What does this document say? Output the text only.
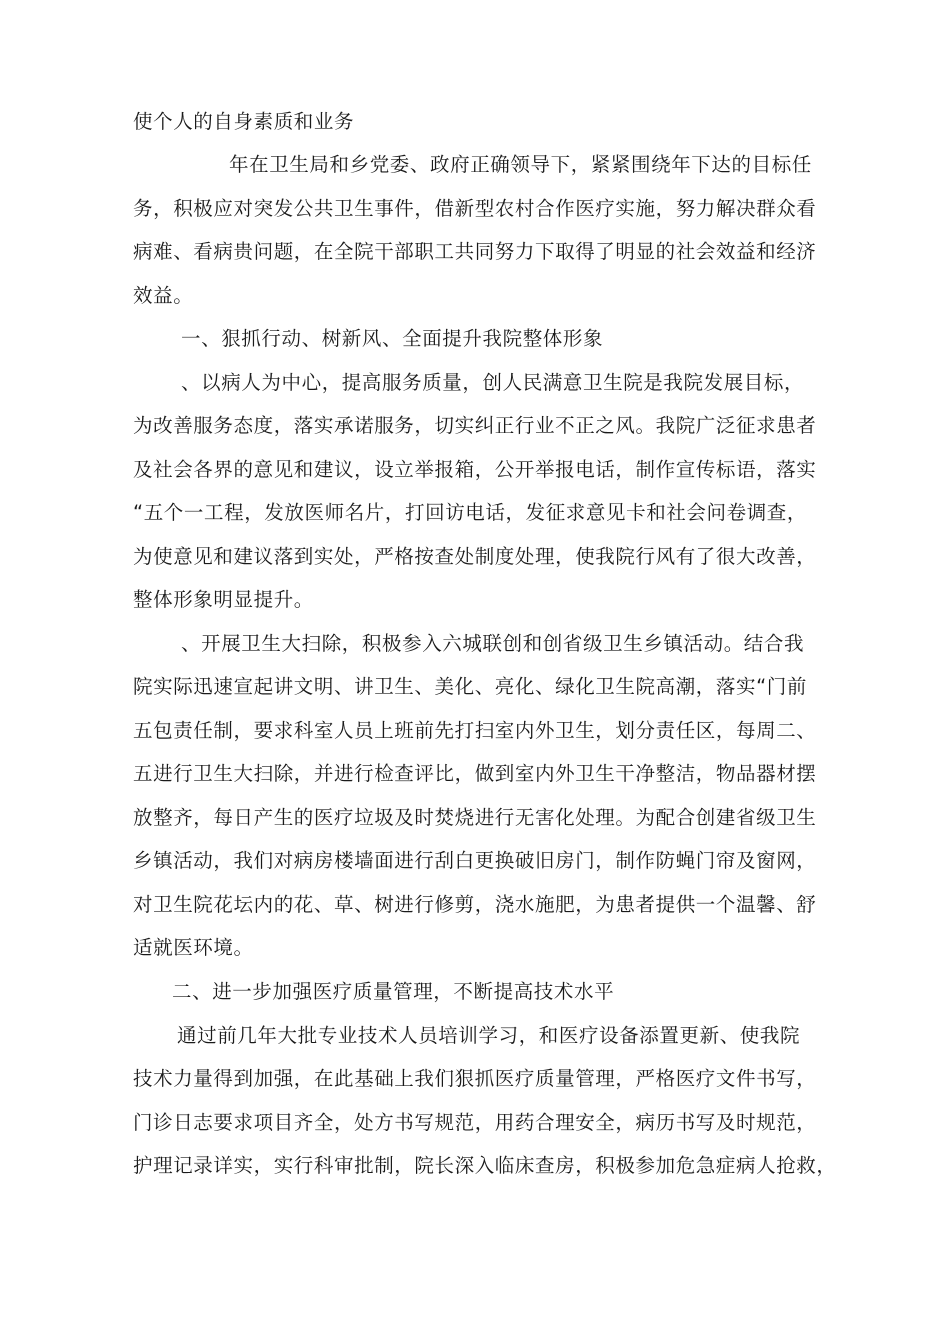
使个人的自身素质和业务
年在卫生局和乡党委、政府正确领导下，紧紧围绕年下达的目标任
务，积极应对突发公共卫生事件，借新型农村合作医疗实施，努力解决群众看
病难、看病贵问题，在全院干部职工共同努力下取得了明显的社会效益和经济
效益。
一、狠抓行动、树新风、全面提升我院整体形象
、以病人为中心，提高服务质量，创人民满意卫生院是我院发展目标，
为改善服务态度，落实承诺服务，切实纠正行业不正之风。我院广泛征求患者
及社会各界的意见和建议，设立举报箱，公开举报电话，制作宣传标语，落实
“五个一工程，发放医师名片，打回访电话，发征求意见卡和社会问卷调查，
为使意见和建议落到实处，严格按查处制度处理，使我院行风有了很大改善，
整体形象明显提升。
、开展卫生大扫除，积极参入六城联创和创省级卫生乡镇活动。结合我
院实际迅速宣起讲文明、讲卫生、美化、亮化、绿化卫生院高潮，落实“门前
五包责任制，要求科室人员上班前先打扫室内外卫生，划分责任区，每周二、
五进行卫生大扫除，并进行检查评比，做到室内外卫生干净整洁，物品器材摆
放整齐，每日产生的医疗垃圾及时焚烧进行无害化处理。为配合创建省级卫生
乡镇活动，我们对病房楼墙面进行刮白更换破旧房门，制作防蝇门帘及窗网，
对卫生院花坛内的花、草、树进行修剪，浇水施肥，为患者提供一个温馨、舒
适就医环境。
二、进一步加强医疗质量管理，不断提高技术水平
通过前几年大批专业技术人员培训学习，和医疗设备添置更新、使我院
技术力量得到加强，在此基础上我们狠抓医疗质量管理，严格医疗文件书写，
门诊日志要求项目齐全，处方书写规范，用药合理安全，病历书写及时规范，
护理记录详实，实行科审批制，院长深入临床查房，积极参加危急症病人抢救，
